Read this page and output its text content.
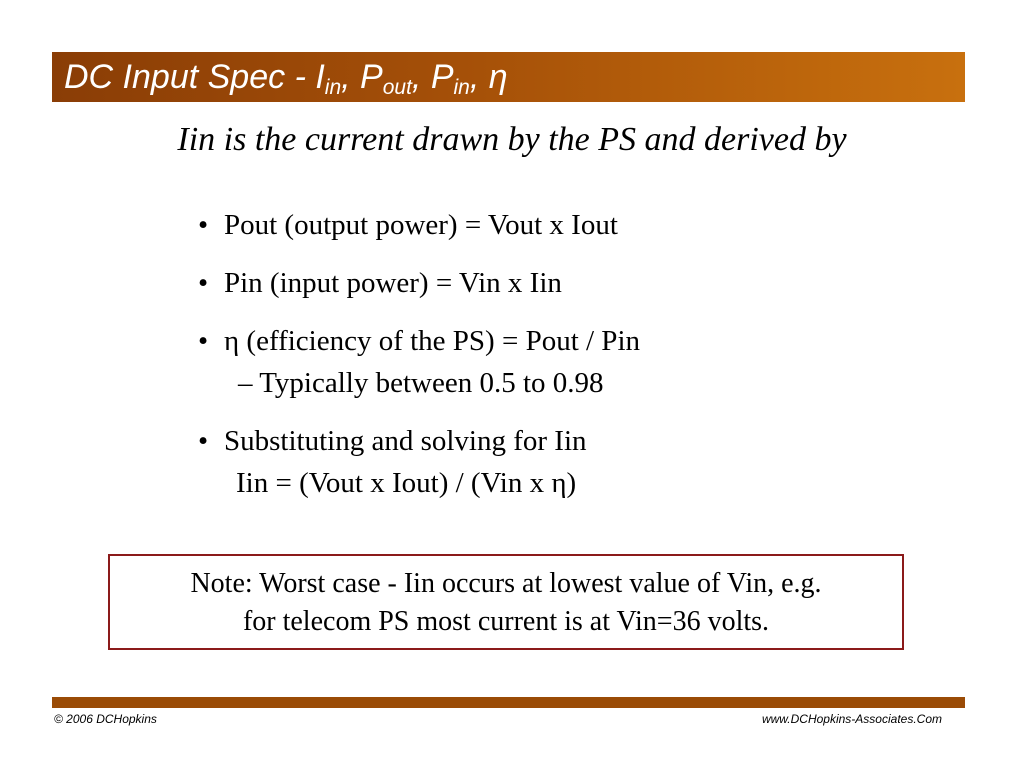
DC Input Spec - $I_{in}$, $P_{out}$, $P_{in}$, η
Iin is the current drawn by the PS and derived by
• Pout (output power) = Vout x Iout
• Pin (input power) = Vin x Iin
• η (efficiency of the PS) = Pout / Pin
– Typically between 0.5 to 0.98
• Substituting and solving for Iin
Iin = (Vout x Iout) / (Vin x η)
Note: Worst case - Iin occurs at lowest value of Vin, e.g.
for telecom PS most current is at Vin=36 volts.
© 2006 DCHopkins	www.DCHopkins-Associates.Com
